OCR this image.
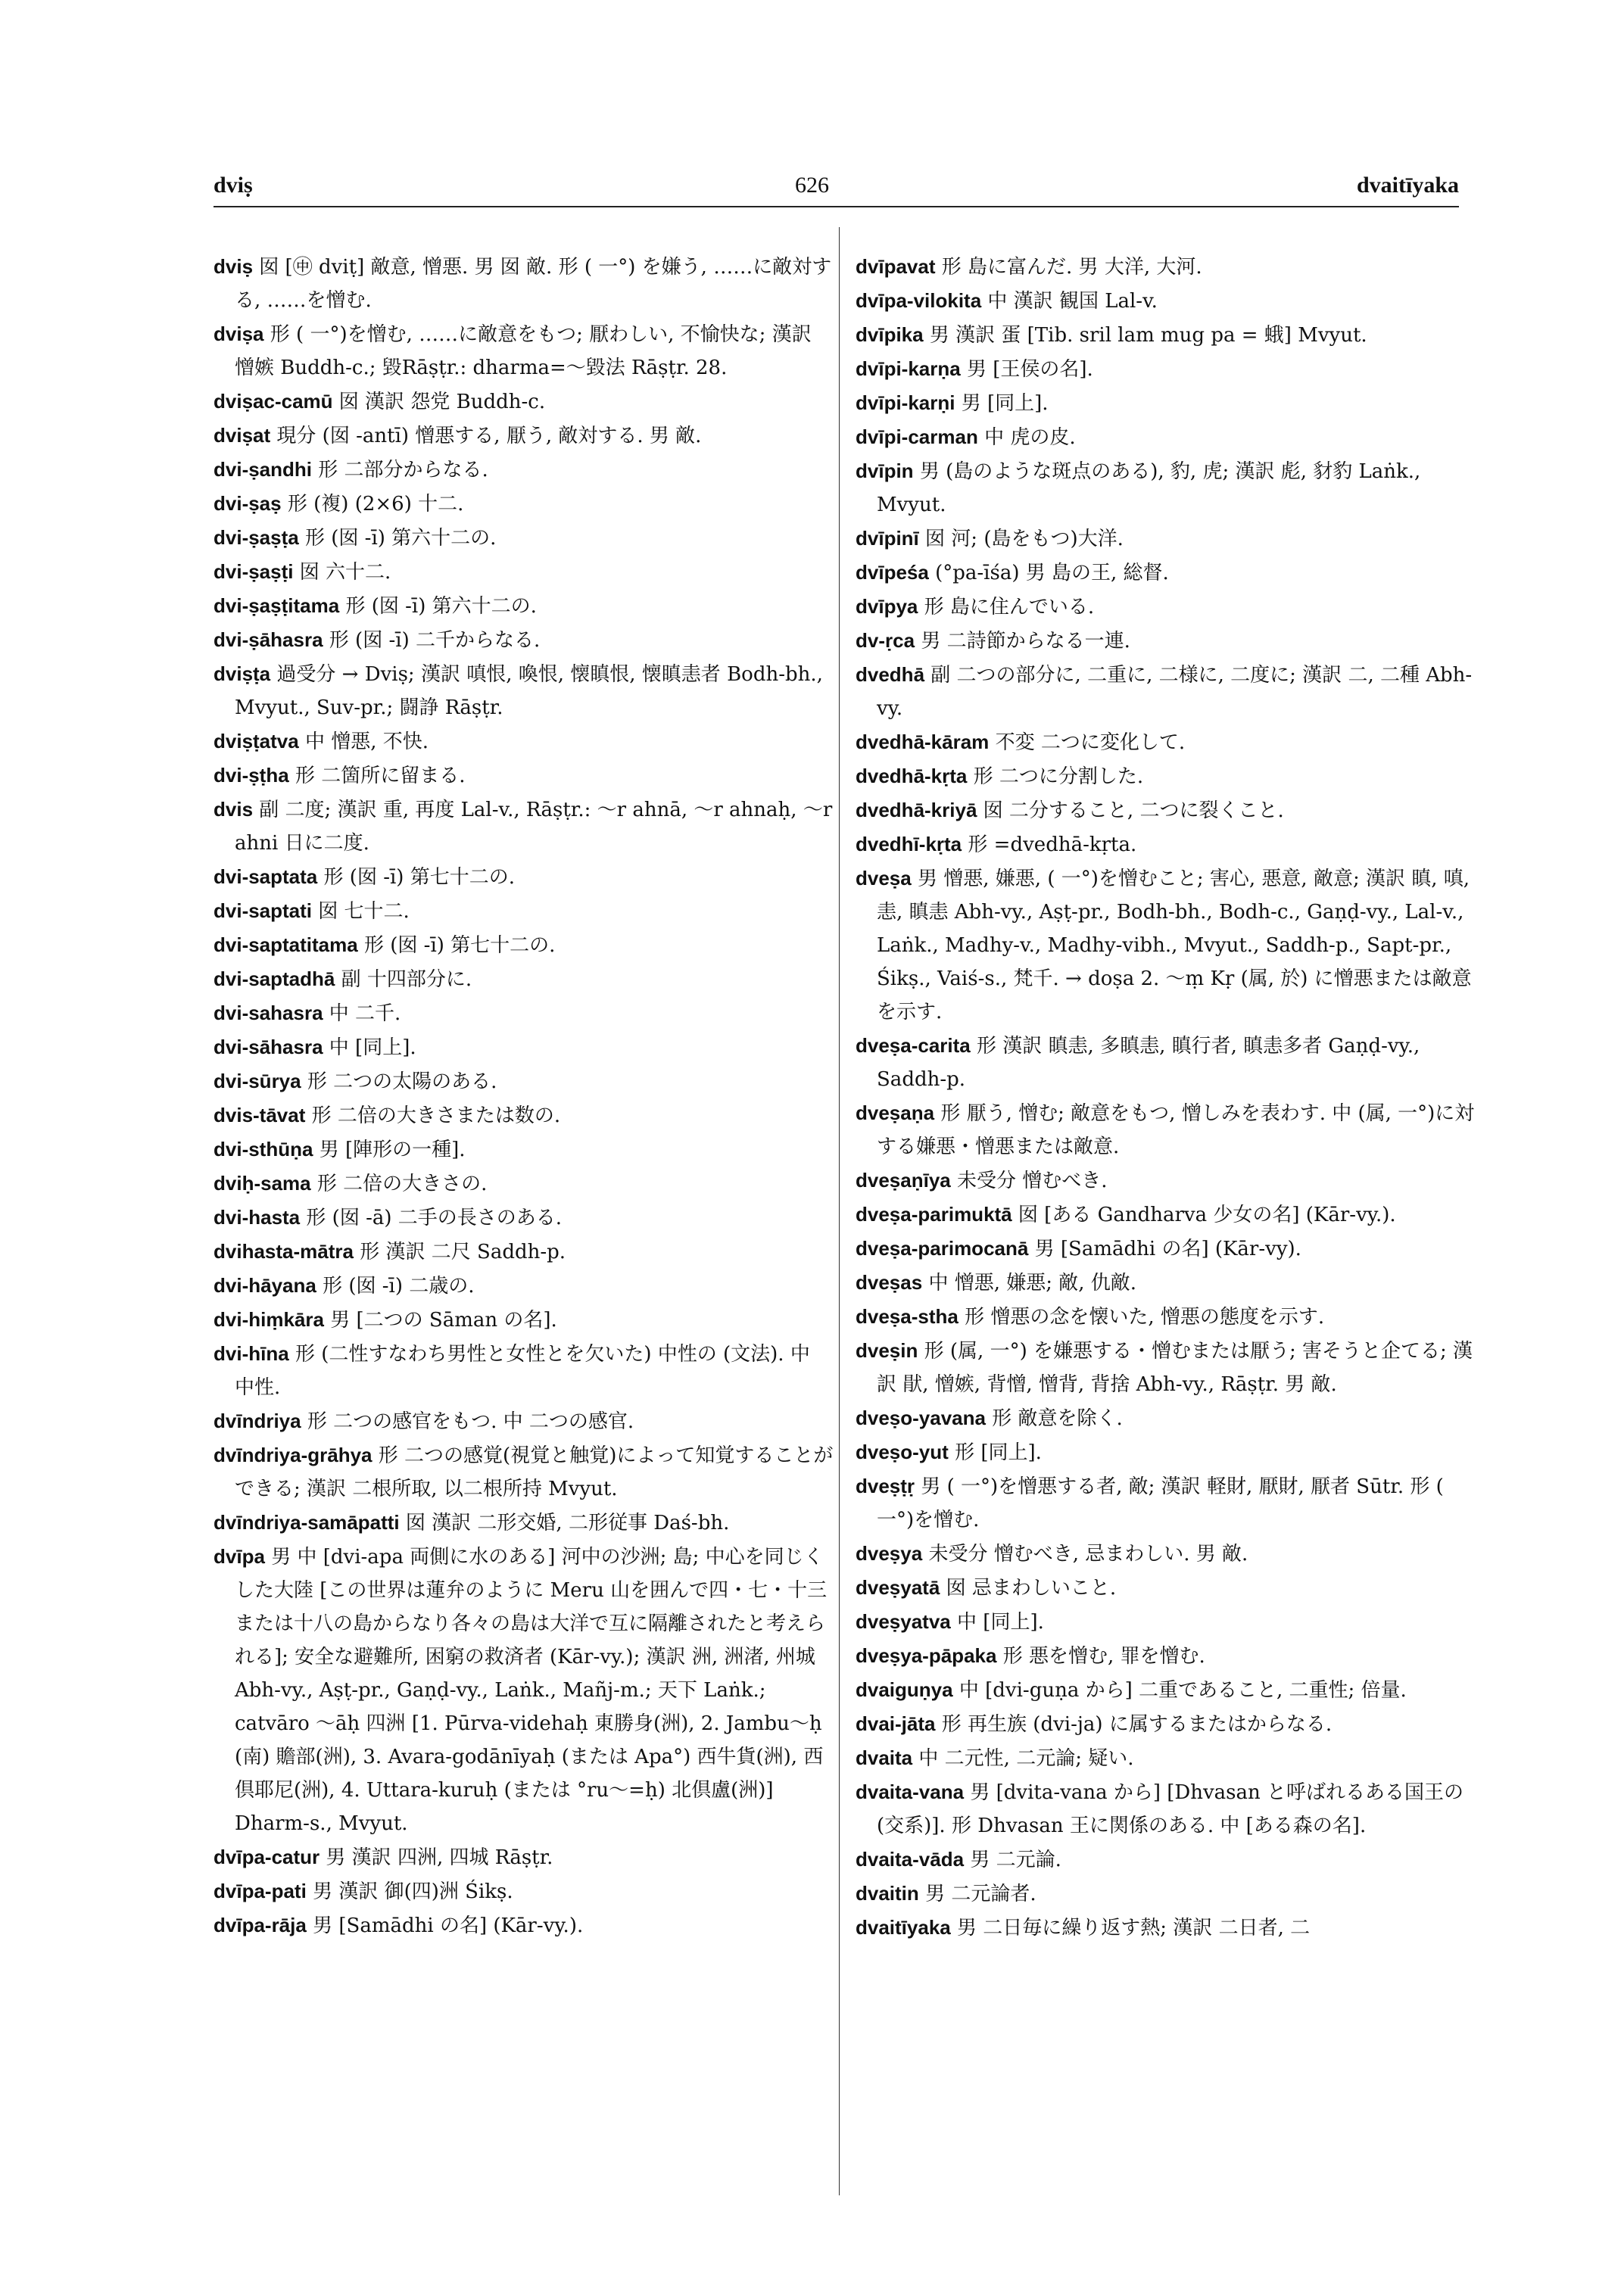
dviṣ	626	dvaitīyaka

dviṣ 囡 [㊥ dviṭ] 敵意, 憎悪. 男 囡 敵. 形 ( 一°) を嫌う, ……に敵対する, ……を憎む.

dviṣa 形 ( 一°)を憎む, ……に敵意をもつ; 厭わしい, 不愉快な; 漢訳 憎嫉 Buddh-c.; 毀Rāṣṭr.: dharma=～毀法 Rāṣṭr. 28.

dviṣac-camū 囡 漢訳 怨党 Buddh-c.

dviṣat 現分 (囡 -antī) 憎悪する, 厭う, 敵対する. 男 敵.

dvi-ṣandhi 形 二部分からなる.

dvi-ṣaṣ 形 (複) (2×6) 十二.

dvi-ṣaṣṭa 形 (囡 -ī) 第六十二の.

dvi-ṣaṣṭi 囡 六十二.

dvi-ṣaṣṭitama 形 (囡 -ī) 第六十二の.

dvi-ṣāhasra 形 (囡 -ī) 二千からなる.

dviṣṭa 過受分 → Dviṣ; 漢訳 嗔恨, 喚恨, 懐瞋恨, 懐瞋恚者 Bodh-bh., Mvyut., Suv-pr.; 闘諍 Rāṣṭr.

dviṣṭatva 中 憎悪, 不快.

dvi-ṣṭha 形 二箇所に留まる.

dvis 副 二度; 漢訳 重, 再度 Lal-v., Rāṣṭr.: ～r ahnā, ～r ahnaḥ, ～r ahni 日に二度.

dvi-saptata 形 (囡 -ī) 第七十二の.

dvi-saptati 囡 七十二.

dvi-saptatitama 形 (囡 -ī) 第七十二の.

dvi-saptadhā 副 十四部分に.

dvi-sahasra 中 二千.

dvi-sāhasra 中 [同上].

dvi-sūrya 形 二つの太陽のある.

dvis-tāvat 形 二倍の大きさまたは数の.

dvi-sthūṇa 男 [陣形の一種].

dviḥ-sama 形 二倍の大きさの.

dvi-hasta 形 (囡 -ā) 二手の長さのある.

dvihasta-mātra 形 漢訳 二尺 Saddh-p.

dvi-hāyana 形 (囡 -ī) 二歳の.

dvi-hiṃkāra 男 [二つの Sāman の名].

dvi-hīna 形 (二性すなわち男性と女性とを欠いた) 中性の (文法). 中 中性.

dvīndriya 形 二つの感官をもつ. 中 二つの感官.

dvīndriya-grāhya 形 二つの感覚(視覚と触覚)によって知覚することができる; 漢訳 二根所取, 以二根所持 Mvyut.

dvīndriya-samāpatti 囡 漢訳 二形交婚, 二形従事 Daś-bh.

dvīpa 男 中 [dvi-apa 両側に水のある] 河中の沙洲; 島; 中心を同じくした大陸 [この世界は蓮弁のように Meru 山を囲んで四・七・十三または十八の島からなり各々の島は大洋で互に隔離されたと考えられる]; 安全な避難所, 困窮の救済者 (Kār-vy.); 漢訳 洲, 洲渚, 州城 Abh-vy., Aṣṭ-pr., Gaṇḍ-vy., Laṅk., Mañj-m.; 天下 Laṅk.; catvāro ～āḥ 四洲 [1. Pūrva-videhaḥ 東勝身(洲), 2. Jambu～ḥ (南) 贍部(洲), 3. Avara-godānīyaḥ (または Apa°) 西牛貨(洲), 西倶耶尼(洲), 4. Uttara-kuruḥ (または °ru～=ḥ) 北倶盧(洲)] Dharm-s., Mvyut.

dvīpa-catur 男 漢訳 四洲, 四城 Rāṣṭr.

dvīpa-pati 男 漢訳 御(四)洲 Śikṣ.

dvīpa-rāja 男 [Samādhi の名] (Kār-vy.).

dvīpavat 形 島に富んだ. 男 大洋, 大河.

dvīpa-vilokita 中 漢訳 観国 Lal-v.

dvīpika 男 漢訳 蛋 [Tib. sril lam mug pa = 蛾] Mvyut.

dvīpi-karṇa 男 [王侯の名].

dvīpi-karṇi 男 [同上].

dvīpi-carman 中 虎の皮.

dvīpin 男 (島のような斑点のある), 豹, 虎; 漢訳 彪, 豺豹 Laṅk., Mvyut.

dvīpinī 囡 河; (島をもつ)大洋.

dvīpeśa (°pa-īśa) 男 島の王, 総督.

dvīpya 形 島に住んでいる.

dv-ṛca 男 二詩節からなる一連.

dvedhā 副 二つの部分に, 二重に, 二様に, 二度に; 漢訳 二, 二種 Abh-vy.

dvedhā-kāram 不変 二つに変化して.

dvedhā-kṛta 形 二つに分割した.

dvedhā-kriyā 囡 二分すること, 二つに裂くこと.

dvedhī-kṛta 形 =dvedhā-kṛta.

dveṣa 男 憎悪, 嫌悪, ( 一°)を憎むこと; 害心, 悪意, 敵意; 漢訳 瞋, 嗔, 恚, 瞋恚 Abh-vy., Aṣṭ-pr., Bodh-bh., Bodh-c., Gaṇḍ-vy., Lal-v., Laṅk., Madhy-v., Madhy-vibh., Mvyut., Saddh-p., Sapt-pr., Śikṣ., Vaiś-s., 梵千. → doṣa 2. ～ṃ Kṛ (属, 於) に憎悪または敵意を示す.

dveṣa-carita 形 漢訳 瞋恚, 多瞋恚, 瞋行者, 瞋恚多者 Gaṇḍ-vy., Saddh-p.

dveṣaṇa 形 厭う, 憎む; 敵意をもつ, 憎しみを表わす. 中 (属, 一°)に対する嫌悪・憎悪または敵意.

dveṣaṇīya 未受分 憎むべき.

dveṣa-parimuktā 囡 [ある Gandharva 少女の名] (Kār-vy.).

dveṣa-parimocanā 男 [Samādhi の名] (Kār-vy).

dveṣas 中 憎悪, 嫌悪; 敵, 仇敵.

dveṣa-stha 形 憎悪の念を懐いた, 憎悪の態度を示す.

dveṣin 形 (属, 一°) を嫌悪する・憎むまたは厭う; 害そうと企てる; 漢訳 猒, 憎嫉, 背憎, 憎背, 背捨 Abh-vy., Rāṣṭr. 男 敵.

dveṣo-yavana 形 敵意を除く.

dveṣo-yut 形 [同上].

dveṣṭṛ 男 ( 一°)を憎悪する者, 敵; 漢訳 軽財, 厭財, 厭者 Sūtr. 形 ( 一°)を憎む.

dveṣya 未受分 憎むべき, 忌まわしい. 男 敵.

dveṣyatā 囡 忌まわしいこと.

dveṣyatva 中 [同上].

dveṣya-pāpaka 形 悪を憎む, 罪を憎む.

dvaiguṇya 中 [dvi-guṇa から] 二重であること, 二重性; 倍量.

dvai-jāta 形 再生族 (dvi-ja) に属するまたはからなる.

dvaita 中 二元性, 二元論; 疑い.

dvaita-vana 男 [dvita-vana から] [Dhvasan と呼ばれるある国王の(交系)]. 形 Dhvasan 王に関係のある. 中 [ある森の名].

dvaita-vāda 男 二元論.

dvaitin 男 二元論者.

dvaitīyaka 男 二日毎に繰り返す熱; 漢訳 二日者, 二
